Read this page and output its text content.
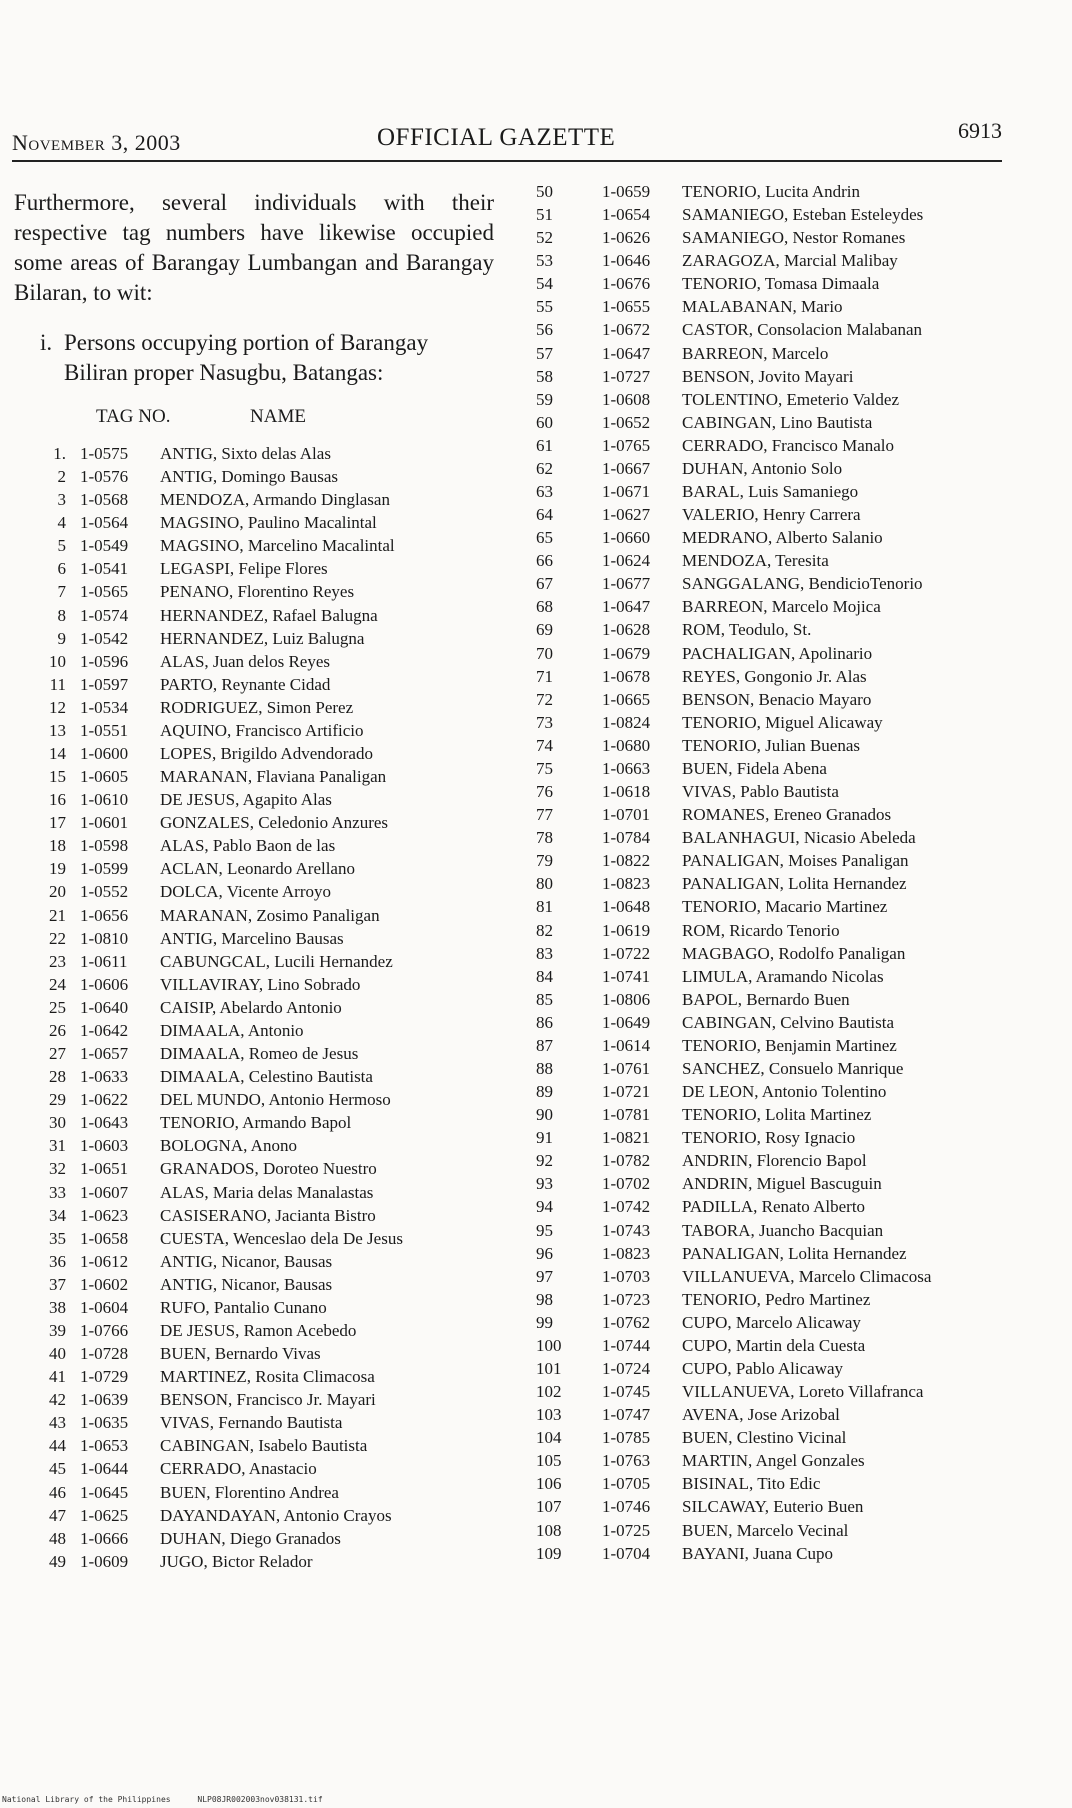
November 3, 2003	OFFICIAL GAZETTE	6913

Furthermore, several individuals with their respective tag numbers have likewise occupied some areas of Barangay Lumbangan and Barangay Bilaran, to wit:

i. Persons occupying portion of Barangay
Biliran proper Nasugbu, Batangas:

TAG NO.	NAME
1. 1-0575 ANTIG, Sixto delas Alas
2 1-0576 ANTIG, Domingo Bausas
3 1-0568 MENDOZA, Armando Dinglasan
4 1-0564 MAGSINO, Paulino Macalintal
5 1-0549 MAGSINO, Marcelino Macalintal
6 1-0541 LEGASPI, Felipe Flores
7 1-0565 PENANO, Florentino Reyes
8 1-0574 HERNANDEZ, Rafael Balugna
9 1-0542 HERNANDEZ, Luiz Balugna
10 1-0596 ALAS, Juan delos Reyes
11 1-0597 PARTO, Reynante Cidad
12 1-0534 RODRIGUEZ, Simon Perez
13 1-0551 AQUINO, Francisco Artificio
14 1-0600 LOPES, Brigildo Advendorado
15 1-0605 MARANAN, Flaviana Panaligan
16 1-0610 DE JESUS, Agapito Alas
17 1-0601 GONZALES, Celedonio Anzures
18 1-0598 ALAS, Pablo Baon de las
19 1-0599 ACLAN, Leonardo Arellano
20 1-0552 DOLCA, Vicente Arroyo
21 1-0656 MARANAN, Zosimo Panaligan
22 1-0810 ANTIG, Marcelino Bausas
23 1-0611 CABUNGCAL, Lucili Hernandez
24 1-0606 VILLAVIRAY, Lino Sobrado
25 1-0640 CAISIP, Abelardo Antonio
26 1-0642 DIMAALA, Antonio
27 1-0657 DIMAALA, Romeo de Jesus
28 1-0633 DIMAALA, Celestino Bautista
29 1-0622 DEL MUNDO, Antonio Hermoso
30 1-0643 TENORIO, Armando Bapol
31 1-0603 BOLOGNA, Anono
32 1-0651 GRANADOS, Doroteo Nuestro
33 1-0607 ALAS, Maria delas Manalastas
34 1-0623 CASISERANO, Jacianta Bistro
35 1-0658 CUESTA, Wenceslao dela De Jesus
36 1-0612 ANTIG, Nicanor, Bausas
37 1-0602 ANTIG, Nicanor, Bausas
38 1-0604 RUFO, Pantalio Cunano
39 1-0766 DE JESUS, Ramon Acebedo
40 1-0728 BUEN, Bernardo Vivas
41 1-0729 MARTINEZ, Rosita Climacosa
42 1-0639 BENSON, Francisco Jr. Mayari
43 1-0635 VIVAS, Fernando Bautista
44 1-0653 CABINGAN, Isabelo Bautista
45 1-0644 CERRADO, Anastacio
46 1-0645 BUEN, Florentino Andrea
47 1-0625 DAYANDAYAN, Antonio Crayos
48 1-0666 DUHAN, Diego Granados
49 1-0609 JUGO, Bictor Relador
50	1-0659 TENORIO, Lucita Andrin
51	1-0654 SAMANIEGO, Esteban Esteleydes
52	1-0626 SAMANIEGO, Nestor Romanes
53	1-0646 ZARAGOZA, Marcial Malibay
54	1-0676 TENORIO, Tomasa Dimaala
55	1-0655 MALABANAN, Mario
56	1-0672 CASTOR, Consolacion Malabanan
57	1-0647 BARREON, Marcelo
58	1-0727 BENSON, Jovito Mayari
59	1-0608 TOLENTINO, Emeterio Valdez
60	1-0652 CABINGAN, Lino Bautista
61	1-0765 CERRADO, Francisco Manalo
62	1-0667 DUHAN, Antonio Solo
63	1-0671 BARAL, Luis Samaniego
64	1-0627 VALERIO, Henry Carrera
65	1-0660 MEDRANO, Alberto Salanio
66	1-0624 MENDOZA, Teresita
67	1-0677 SANGGALANG, BendicioTenorio
68	1-0647 BARREON, Marcelo Mojica
69	1-0628 ROM, Teodulo, St.
70	1-0679 PACHALIGAN, Apolinario
71	1-0678 REYES, Gongonio Jr. Alas
72	1-0665 BENSON, Benacio Mayaro
73	1-0824 TENORIO, Miguel Alicaway
74	1-0680 TENORIO, Julian Buenas
75	1-0663 BUEN, Fidela Abena
76	1-0618 VIVAS, Pablo Bautista
77	1-0701 ROMANES, Ereneo Granados
78	1-0784 BALANHAGUI, Nicasio Abeleda
79	1-0822 PANALIGAN, Moises Panaligan
80	1-0823 PANALIGAN, Lolita Hernandez
81	1-0648 TENORIO, Macario Martinez
82	1-0619 ROM, Ricardo Tenorio
83	1-0722 MAGBAGO, Rodolfo Panaligan
84	1-0741 LIMULA, Aramando Nicolas
85	1-0806 BAPOL, Bernardo Buen
86	1-0649 CABINGAN, Celvino Bautista
87	1-0614 TENORIO, Benjamin Martinez
88	1-0761 SANCHEZ, Consuelo Manrique
89	1-0721 DE LEON, Antonio Tolentino
90	1-0781 TENORIO, Lolita Martinez
91	1-0821 TENORIO, Rosy Ignacio
92	1-0782 ANDRIN, Florencio Bapol
93	1-0702 ANDRIN, Miguel Bascuguin
94	1-0742 PADILLA, Renato Alberto
95	1-0743 TABORA, Juancho Bacquian
96	1-0823 PANALIGAN, Lolita Hernandez
97	1-0703 VILLANUEVA, Marcelo Climacosa
98	1-0723 TENORIO, Pedro Martinez
99	1-0762 CUPO, Marcelo Alicaway
100	1-0744 CUPO, Martin dela Cuesta
101	1-0724 CUPO, Pablo Alicaway
102	1-0745 VILLANUEVA, Loreto Villafranca
103	1-0747 AVENA, Jose Arizobal
104	1-0785 BUEN, Clestino Vicinal
105	1-0763 MARTIN, Angel Gonzales
106	1-0705 BISINAL, Tito Edic
107	1-0746 SILCAWAY, Euterio Buen
108	1-0725 BUEN, Marcelo Vecinal
109	1-0704 BAYANI, Juana Cupo
National Library of the Philippines	NLP08JR002003nov038131.tif
